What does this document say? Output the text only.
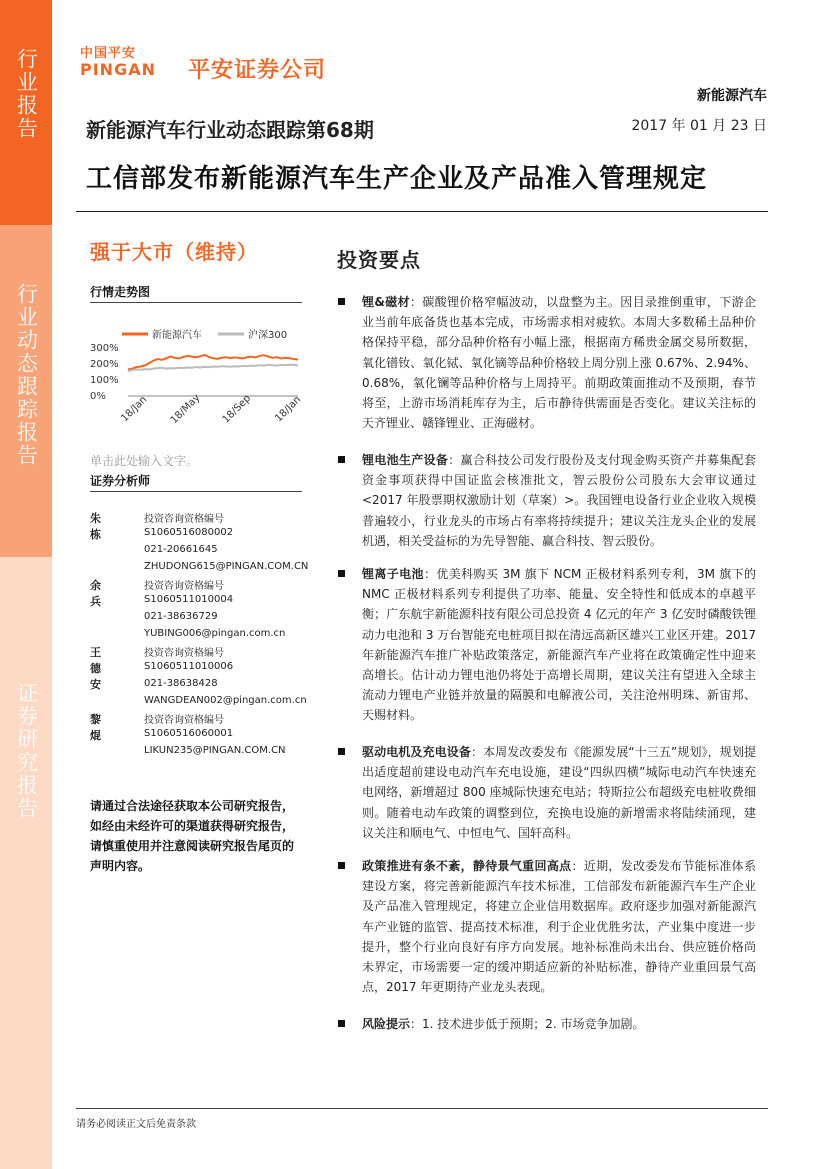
行业报告
行业动态跟踪报告
证券研究报告
中国平安
PINGAN 平安证券公司
新能源汽车
新能源汽车行业动态跟踪第68期	2017 年 01 月 23 日
工信部发布新能源汽车生产企业及产品准入管理规定
强于大市（维持）
行情走势图
新能源汽车	沪深300
300%
200%
100%
0% 18/Jan 18/May 18/Sep 18/Jan
单击此处输入文字。
证券分析师
朱栋
投资咨询资格编号
S1060516080002
021-20661645
ZHUDONG615@PINGAN.COM.CN
余兵
投资咨询资格编号
S1060511010004
021-38636729
YUBING006@pingan.com.cn
王德安
投资咨询资格编号
S1060511010006
021-38638428
WANGDEAN002@pingan.com.cn
黎焜
投资咨询资格编号
S1060516060001
LIKUN235@PINGAN.COM.CN
请通过合法途径获取本公司研究报告，如经由未经许可的渠道获得研究报告，请慎重使用并注意阅读研究报告尾页的声明内容。
投资要点
锂&磁材：碳酸锂价格窄幅波动，以盘整为主。因目录推倒重审，下游企业当前年底备货也基本完成，市场需求相对疲软。本周大多数稀土品种价格保持平稳，部分品种价格有小幅上涨，根据南方稀贵金属交易所数据，氧化镨钕、氧化铽、氧化镝等品种价格较上周分别上涨 0.67%、2.94%、0.68%，氧化镧等品种价格与上周持平。前期政策面推动不及预期，春节将至，上游市场消耗库存为主，后市静待供需面是否变化。建议关注标的天齐锂业、赣锋锂业、正海磁材。
锂电池生产设备：赢合科技公司发行股份及支付现金购买资产并募集配套资金事项获得中国证监会核准批文，智云股份公司股东大会审议通过<2017 年股票期权激励计划（草案）>。我国锂电设备行业企业收入规模普遍较小，行业龙头的市场占有率将持续提升；建议关注龙头企业的发展机遇，相关受益标的为先导智能、赢合科技、智云股份。
锂离子电池：优美科购买 3M 旗下 NCM 正极材料系列专利，3M 旗下的 NMC 正极材料系列专利提供了功率、能量、安全特性和低成本的卓越平衡；广东航宇新能源科技有限公司总投资 4 亿元的年产 3 亿安时磷酸铁锂动力电池和 3 万台智能充电桩项目拟在清远高新区雄兴工业区开建。2017 年新能源汽车推广补贴政策落定，新能源汽车产业将在政策确定性中迎来高增长。估计动力锂电池仍将处于高增长周期，建议关注有望进入全球主流动力锂电产业链并放量的隔膜和电解液公司，关注沧州明珠、新宙邦、天赐材料。
驱动电机及充电设备：本周发改委发布《能源发展“十三五”规划》，规划提出适度超前建设电动汽车充电设施，建设“四纵四横”城际电动汽车快速充电网络，新增超过 800 座城际快速充电站；特斯拉公布超级充电桩收费细则。随着电动车政策的调整到位，充换电设施的新增需求将陆续涌现，建议关注和顺电气、中恒电气、国轩高科。
政策推进有条不紊，静待景气重回高点：近期，发改委发布节能标准体系建设方案，将完善新能源汽车技术标准，工信部发布新能源汽车生产企业及产品准入管理规定，将建立企业信用数据库。政府逐步加强对新能源汽车产业链的监管、提高技术标准，利于企业优胜劣汰，产业集中度进一步提升，整个行业向良好有序方向发展。地补标准尚未出台、供应链价格尚未界定，市场需要一定的缓冲期适应新的补贴标准，静待产业重回景气高点，2017 年更期待产业龙头表现。
风险提示：1. 技术进步低于预期；2. 市场竞争加剧。
请务必阅读正文后免责条款
